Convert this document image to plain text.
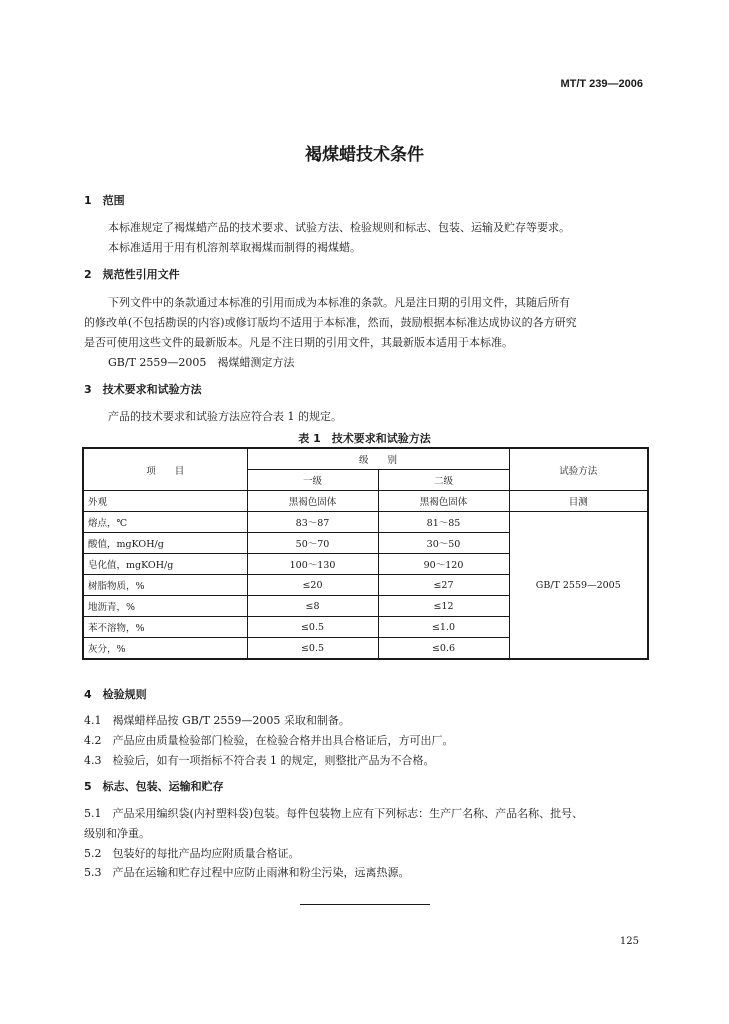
MT/T 239—2006
褐煤蜡技术条件
1　范围
本标准规定了褐煤蜡产品的技术要求、试验方法、检验规则和标志、包装、运输及贮存等要求。
本标准适用于用有机溶剂萃取褐煤而制得的褐煤蜡。
2　规范性引用文件
下列文件中的条款通过本标准的引用而成为本标准的条款。凡是注日期的引用文件，其随后所有
的修改单(不包括勘误的内容)或修订版均不适用于本标准，然而，鼓励根据本标准达成协议的各方研究
是否可使用这些文件的最新版本。凡是不注日期的引用文件，其最新版本适用于本标准。
GB/T 2559—2005　褐煤蜡测定方法
3　技术要求和试验方法
产品的技术要求和试验方法应符合表 1 的规定。
表 1　技术要求和试验方法
项　　目	级　　别		试验方法
	一级	二级	
外观	黑褐色固体	黑褐色固体	目测
熔点，℃	83～87	81～85	GB/T 2559—2005
酸值，mgKOH/g	50～70	30～50	
皂化值，mgKOH/g	100～130	90～120	
树脂物质，%	≤20	≤27	
地沥青，%	≤8	≤12	
苯不溶物，%	≤0.5	≤1.0	
灰分，%	≤0.5	≤0.6	
4　检验规则
4.1　褐煤蜡样品按 GB/T 2559—2005 采取和制备。
4.2　产品应由质量检验部门检验，在检验合格并出具合格证后，方可出厂。
4.3　检验后，如有一项指标不符合表 1 的规定，则整批产品为不合格。
5　标志、包装、运输和贮存
5.1　产品采用编织袋(内衬塑料袋)包装。每件包装物上应有下列标志：生产厂名称、产品名称、批号、
级别和净重。
5.2　包装好的每批产品均应附质量合格证。
5.3　产品在运输和贮存过程中应防止雨淋和粉尘污染，远离热源。
125
